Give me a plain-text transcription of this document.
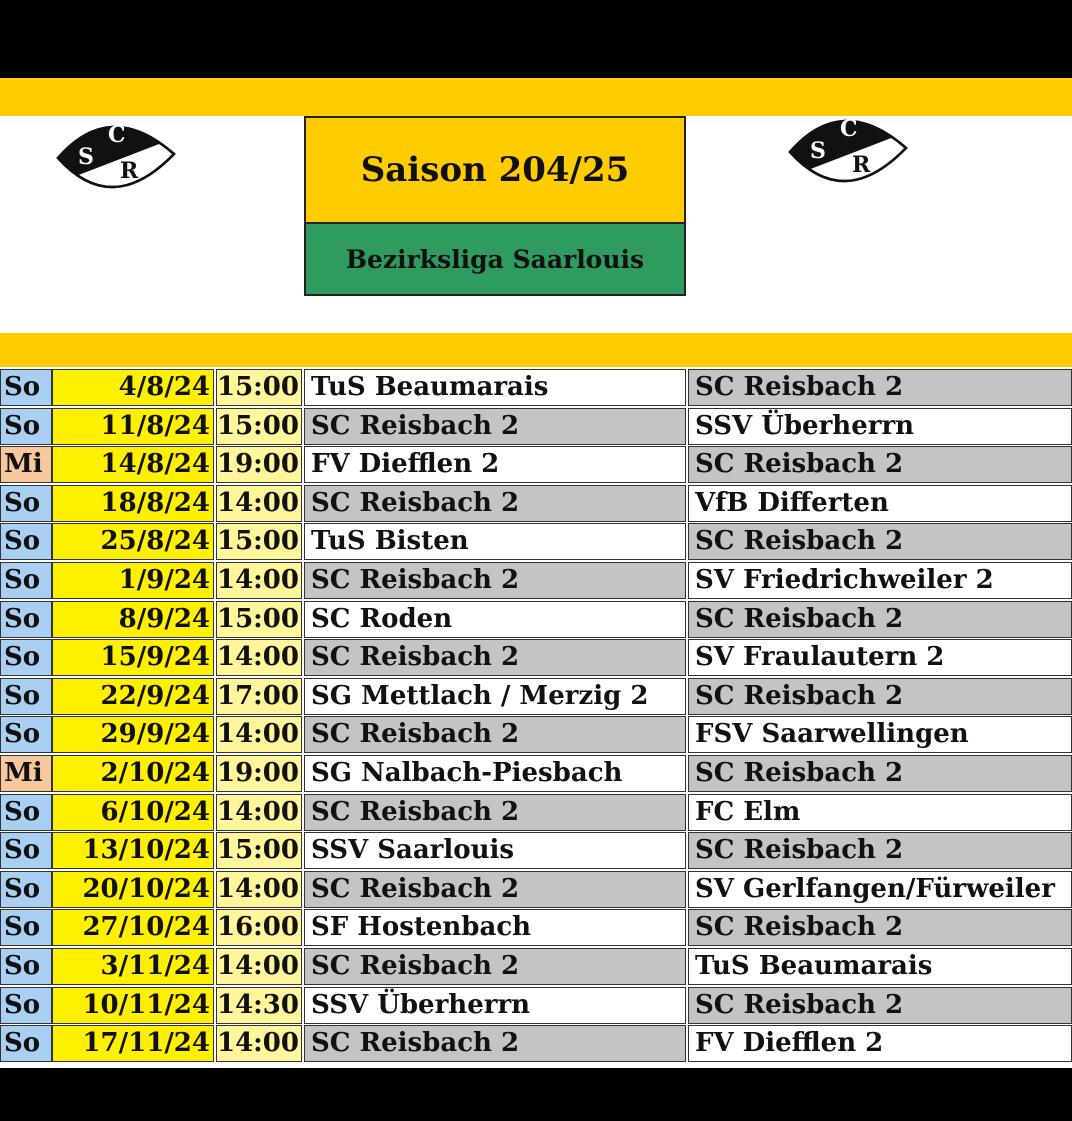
S
C
R	Saison 204/25
Bezirksliga Saarlouis
S
C
R
So	4/8/24 15:00 TuS Beaumarais	SC Reisbach 2
So	11/8/24 15:00 SC Reisbach 2	SSV Überherrn
Mi	14/8/24 19:00 FV Diefflen 2	SC Reisbach 2
So	18/8/24 14:00 SC Reisbach 2	VfB Differten
So	25/8/24 15:00 TuS Bisten	SC Reisbach 2
So	1/9/24 14:00 SC Reisbach 2	SV Friedrichweiler 2
So	8/9/24 15:00 SC Roden	SC Reisbach 2
So	15/9/24 14:00 SC Reisbach 2	SV Fraulautern 2
So	22/9/24 17:00 SG Mettlach / Merzig 2	SC Reisbach 2
So	29/9/24 14:00 SC Reisbach 2	FSV Saarwellingen
Mi	2/10/24 19:00 SG Nalbach-Piesbach	SC Reisbach 2
So	6/10/24 14:00 SC Reisbach 2	FC Elm
So	13/10/24 15:00 SSV Saarlouis	SC Reisbach 2
So	20/10/24 14:00 SC Reisbach 2	SV Gerlfangen/Fürweiler
So	27/10/24 16:00 SF Hostenbach	SC Reisbach 2
So	3/11/24 14:00 SC Reisbach 2	TuS Beaumarais
So	10/11/24 14:30 SSV Überherrn	SC Reisbach 2
So	17/11/24 14:00 SC Reisbach 2	FV Diefflen 2
